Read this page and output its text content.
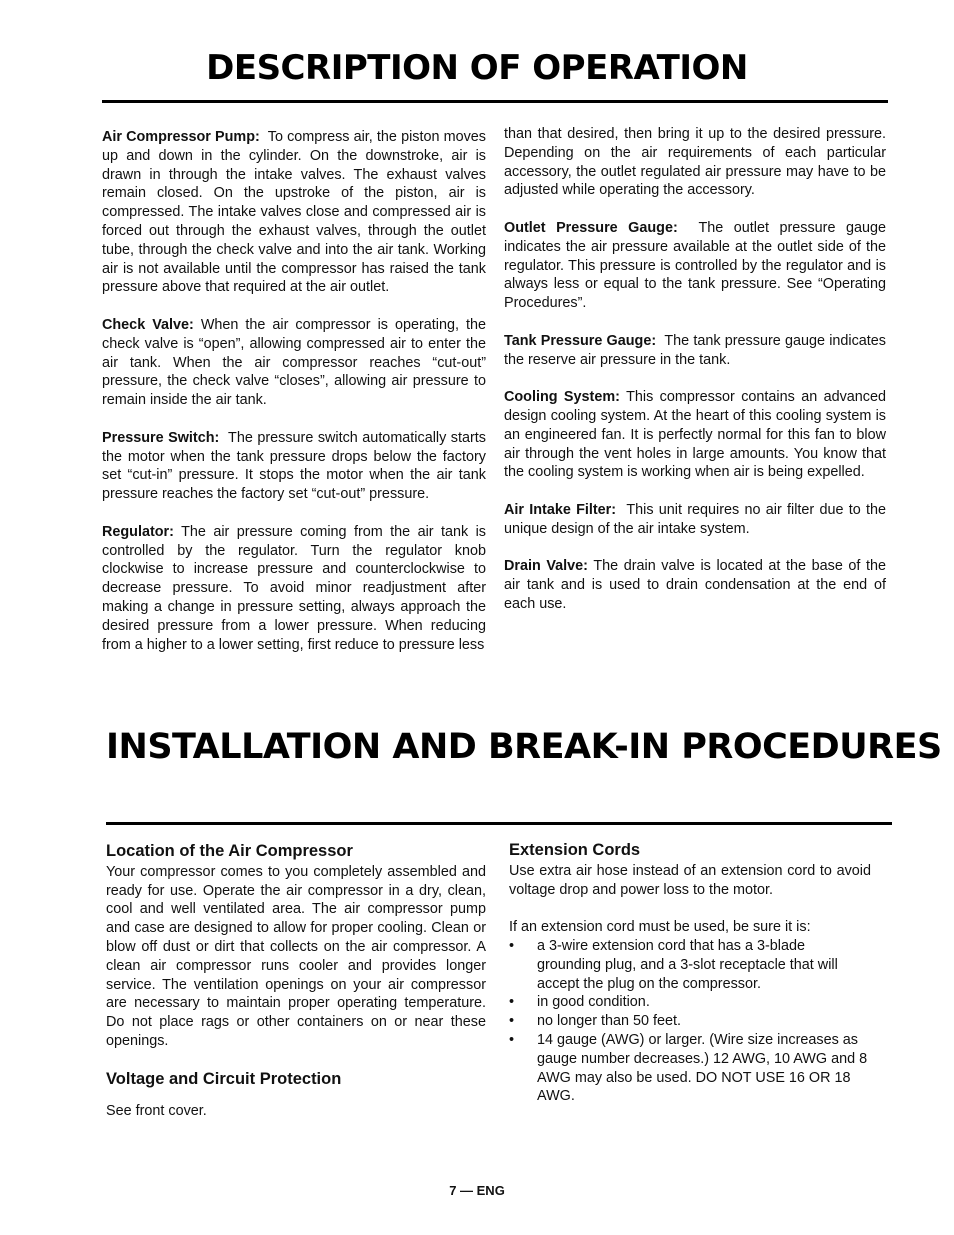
DESCRIPTION OF OPERATION

Air Compressor Pump: To compress air, the piston moves up and down in the cylinder. On the downstroke, air is drawn in through the intake valves. The exhaust valves remain closed. On the upstroke of the piston, air is compressed. The intake valves close and compressed air is forced out through the exhaust valves, through the outlet tube, through the check valve and into the air tank. Working air is not available until the compressor has raised the tank pressure above that required at the air outlet.

Check Valve: When the air compressor is operating, the check valve is “open”, allowing compressed air to enter the air tank. When the air compressor reaches “cut-out” pressure, the check valve “closes”, allowing air pressure to remain inside the air tank.

Pressure Switch: The pressure switch automatically starts the motor when the tank pressure drops below the factory set “cut-in” pressure. It stops the motor when the air tank pressure reaches the factory set “cut-out” pressure.

Regulator: The air pressure coming from the air tank is controlled by the regulator. Turn the regulator knob clockwise to increase pressure and counterclockwise to decrease pressure. To avoid minor readjustment after making a change in pressure setting, always approach the desired pressure from a lower pressure. When reducing from a higher to a lower setting, first reduce to pressure less

than that desired, then bring it up to the desired pressure. Depending on the air requirements of each particular accessory, the outlet regulated air pressure may have to be adjusted while operating the accessory.

Outlet Pressure Gauge: The outlet pressure gauge indicates the air pressure available at the outlet side of the regulator. This pressure is controlled by the regulator and is always less or equal to the tank pressure. See “Operating Procedures”.

Tank Pressure Gauge: The tank pressure gauge indicates the reserve air pressure in the tank.

Cooling System: This compressor contains an advanced design cooling system. At the heart of this cooling system is an engineered fan. It is perfectly normal for this fan to blow air through the vent holes in large amounts. You know that the cooling system is working when air is being expelled.

Air Intake Filter: This unit requires no air filter due to the unique design of the air intake system.

Drain Valve: The drain valve is located at the base of the air tank and is used to drain condensation at the end of each use.

INSTALLATION AND BREAK-IN PROCEDURES
Location of the Air Compressor

Your compressor comes to you completely assembled and ready for use. Operate the air compressor in a dry, clean, cool and well ventilated area. The air compressor pump and case are designed to allow for proper cooling. Clean or blow off dust or dirt that collects on the air compressor. A clean air compressor runs cooler and provides longer service. The ventilation openings on your air compressor are necessary to maintain proper operating temperature. Do not place rags or other containers on or near these openings.

Voltage and Circuit Protection

See front cover.

Extension Cords

Use extra air hose instead of an extension cord to avoid voltage drop and power loss to the motor.

If an extension cord must be used, be sure it is:

• a 3-wire extension cord that has a 3-blade grounding plug, and a 3-slot receptacle that will accept the plug on the compressor.
• in good condition.
• no longer than 50 feet.
• 14 gauge (AWG) or larger. (Wire size increases as gauge number decreases.) 12 AWG, 10 AWG and 8 AWG may also be used. DO NOT USE 16 OR 18 AWG.
7 — ENG
